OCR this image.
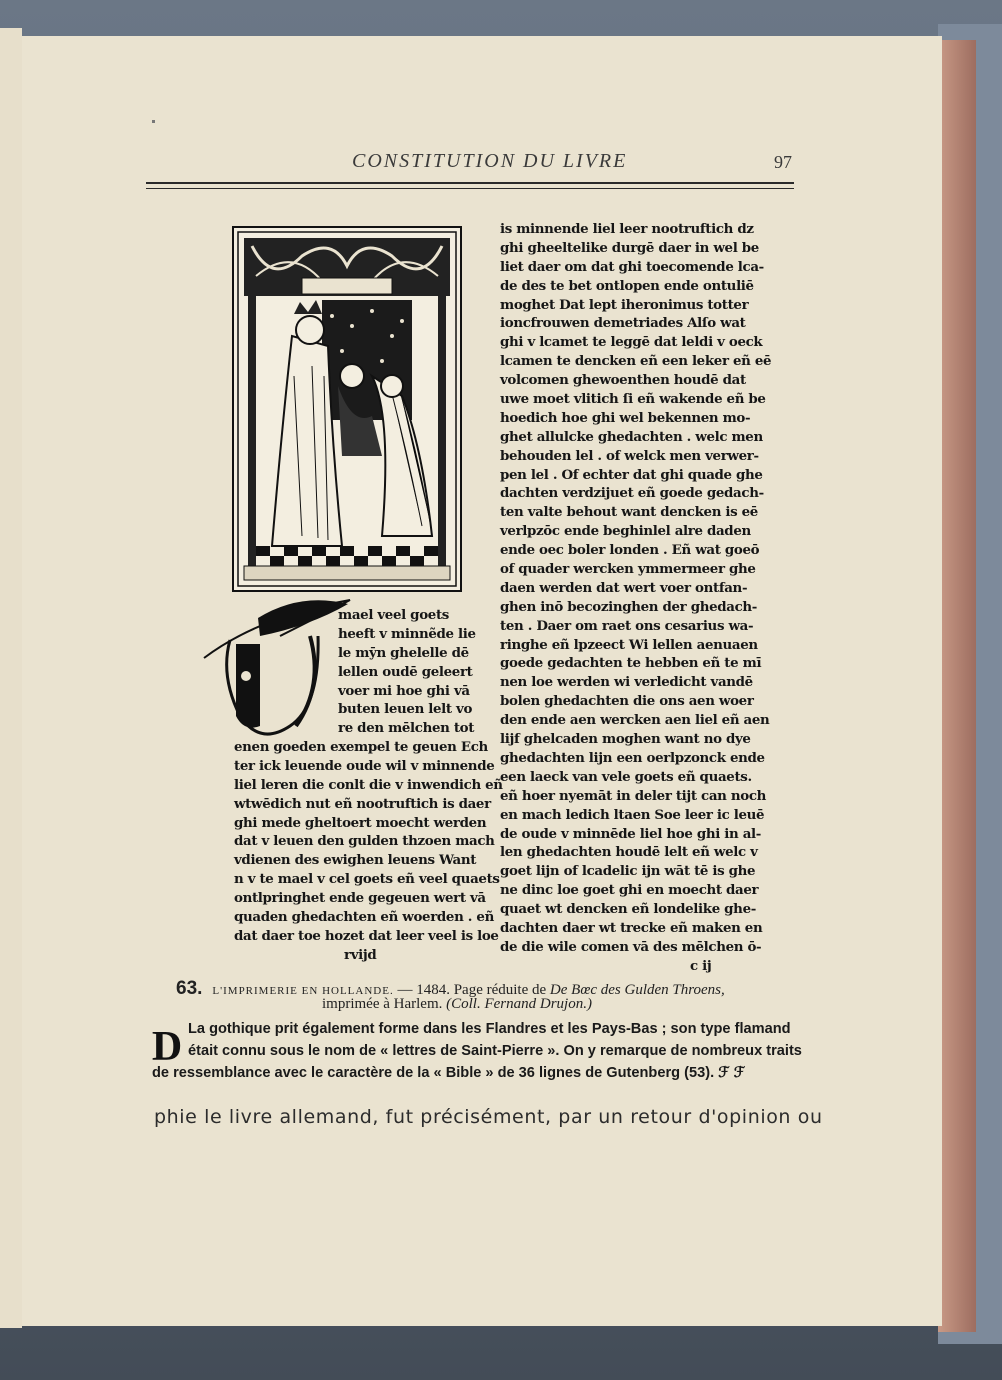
CONSTITUTION DU LIVRE	97
mael veel goets
heeft v minnẽde lie
le mȳn ghelelle dē
lellen oudē geleert
voer mi hoe ghi vā
buten leuen lelt vo
re den mēlchen tot
enen goeden exempel te geuen Ech
ter ick leuende oude wil v minnende
liel leren die conlt die v inwendich eñ
wtwēdich nut eñ nootruftich is daer
ghi mede gheltoert moecht werden
dat v leuen den gulden thzoen mach
vdienen des ewighen leuens Want
n v te mael v cel goets eñ veel quaets
ontlpringhet ende gegeuen wert vā
quaden ghedachten eñ woerden . eñ
dat daer toe hozet dat leer veel is loe
rvijd
is minnende liel leer nootruftich dz
ghi gheeltelike durgē daer in wel be
liet daer om dat ghi toecomende lca-
de des te bet ontlopen ende ontuliē
moghet Dat lept iheronimus totter
ioncfrouwen demetriades Alſo wat
ghi v lcamet te leggē dat leldi v oeck
lcamen te dencken eñ een leker eñ eē
volcomen ghewoenthen houdē dat
uwe moet vlitich ſi eñ wakende eñ be
hoedich hoe ghi wel bekennen mo-
ghet allulcke ghedachten . welc men
behouden lel . of welck men verwer-
pen lel . Of echter dat ghi quade ghe
dachten verdzijuet eñ goede gedach-
ten valte behout want dencken is eē
verlpzōc ende beghinlel alre daden
ende oec boler londen . Eñ wat goeō
of quader wercken ymmermeer ghe
daen werden dat wert voer ontfan-
ghen inō becozinghen der ghedach-
ten . Daer om raet ons cesarius wa-
ringhe eñ lpzeect Wi lellen aenuaen
goede gedachten te hebben eñ te mī
nen loe werden wi verledicht vandē
bolen ghedachten die ons aen woer
den ende aen wercken aen liel eñ aen
lijf ghelcaden moghen want no dye
ghedachten lijn een oerlpzonck ende
een laeck van vele goets eñ quaets.
eñ hoer nyemāt in deler tijt can noch
en mach ledich ltaen Soe leer ic leuē
de oude v minnēde liel hoe ghi in al-
len ghedachten houdē lelt eñ welc v
goet lijn of lcadelic ijn wāt tē is ghe
ne dinc loe goet ghi en moecht daer
quaet wt dencken eñ londelike ghe-
dachten daer wt trecke eñ maken en
de die wile comen vā des mēlchen ō-
c ij
63. L'IMPRIMERIE EN HOLLANDE. — 1484. Page réduite de De Bœc des Gulden Throens,
imprimée à Harlem. (Coll. Fernand Drujon.)
D La gothique prit également forme dans les Flandres et les Pays-Bas ; son type flamand
était connu sous le nom de « lettres de Saint-Pierre ». On y remarque de nombreux traits
de ressemblance avec le caractère de la « Bible » de 36 lignes de Gutenberg (53). ℱ ℱ
phie le livre allemand, fut précisément, par un retour d'opinion ou
